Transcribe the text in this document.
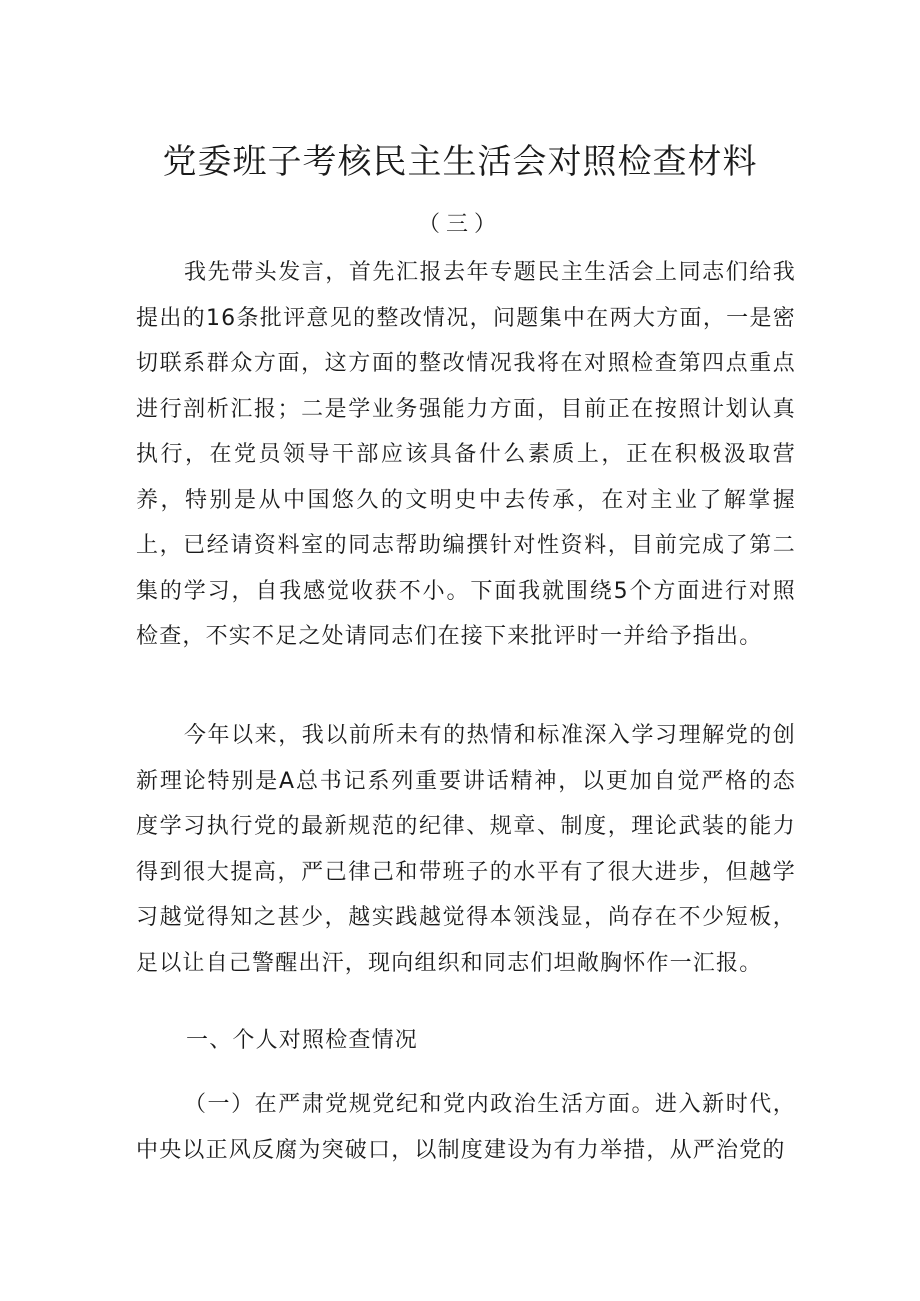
党委班子考核民主生活会对照检查材料
（三）

我先带头发言，首先汇报去年专题民主生活会上同志们给我提出的16条批评意见的整改情况，问题集中在两大方面，一是密切联系群众方面，这方面的整改情况我将在对照检查第四点重点进行剖析汇报；二是学业务强能力方面，目前正在按照计划认真执行，在党员领导干部应该具备什么素质上，正在积极汲取营养，特别是从中国悠久的文明史中去传承，在对主业了解掌握上，已经请资料室的同志帮助编撰针对性资料，目前完成了第二集的学习，自我感觉收获不小。下面我就围绕5个方面进行对照检查，不实不足之处请同志们在接下来批评时一并给予指出。

今年以来，我以前所未有的热情和标准深入学习理解党的创新理论特别是A总书记系列重要讲话精神，以更加自觉严格的态度学习执行党的最新规范的纪律、规章、制度，理论武装的能力得到很大提高，严己律己和带班子的水平有了很大进步，但越学习越觉得知之甚少，越实践越觉得本领浅显，尚存在不少短板，足以让自己警醒出汗，现向组织和同志们坦敞胸怀作一汇报。

一、个人对照检查情况

（一）在严肃党规党纪和党内政治生活方面。进入新时代，中央以正风反腐为突破口，以制度建设为有力举措，从严治党的
